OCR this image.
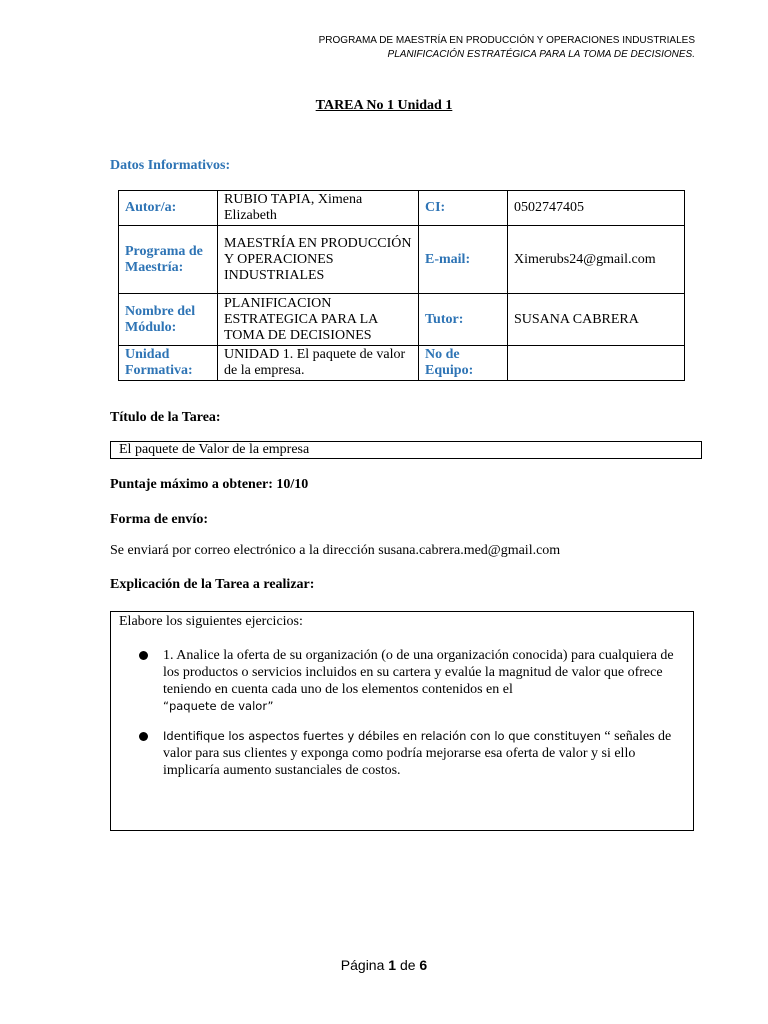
PROGRAMA DE MAESTRÍA EN PRODUCCIÓN Y OPERACIONES INDUSTRIALES
PLANIFICACIÓN ESTRATÉGICA PARA LA TOMA DE DECISIONES.
TAREA No 1 Unidad 1
Datos Informativos:
Autor/a:	RUBIO TAPIA, Ximena Elizabeth	CI:	0502747405
Programa de Maestría:	MAESTRÍA EN PRODUCCIÓN Y OPERACIONES INDUSTRIALES	E-mail:	Ximerubs24@gmail.com
Nombre del Módulo:	PLANIFICACION ESTRATEGICA PARA LA TOMA DE DECISIONES	Tutor:	SUSANA CABRERA
Unidad Formativa:	UNIDAD 1. El paquete de valor de la empresa.	No de Equipo:	
Título de la Tarea:
El paquete de Valor de la empresa
Puntaje máximo a obtener: 10/10
Forma de envío:
Se enviará por correo electrónico a la dirección susana.cabrera.med@gmail.com
Explicación de la Tarea a realizar:
Elabore los siguientes ejercicios:
1. Analice la oferta de su organización (o de una organización conocida) para cualquiera de los productos o servicios incluidos en su cartera y evalúe la magnitud de valor que ofrece teniendo en cuenta cada uno de los elementos contenidos en el
“paquete de valor”
Identifique los aspectos fuertes y débiles en relación con lo que constituyen “ señales de valor para sus clientes y exponga como podría mejorarse esa oferta de valor y si ello implicaría aumento sustanciales de costos.
Página 1 de 6
